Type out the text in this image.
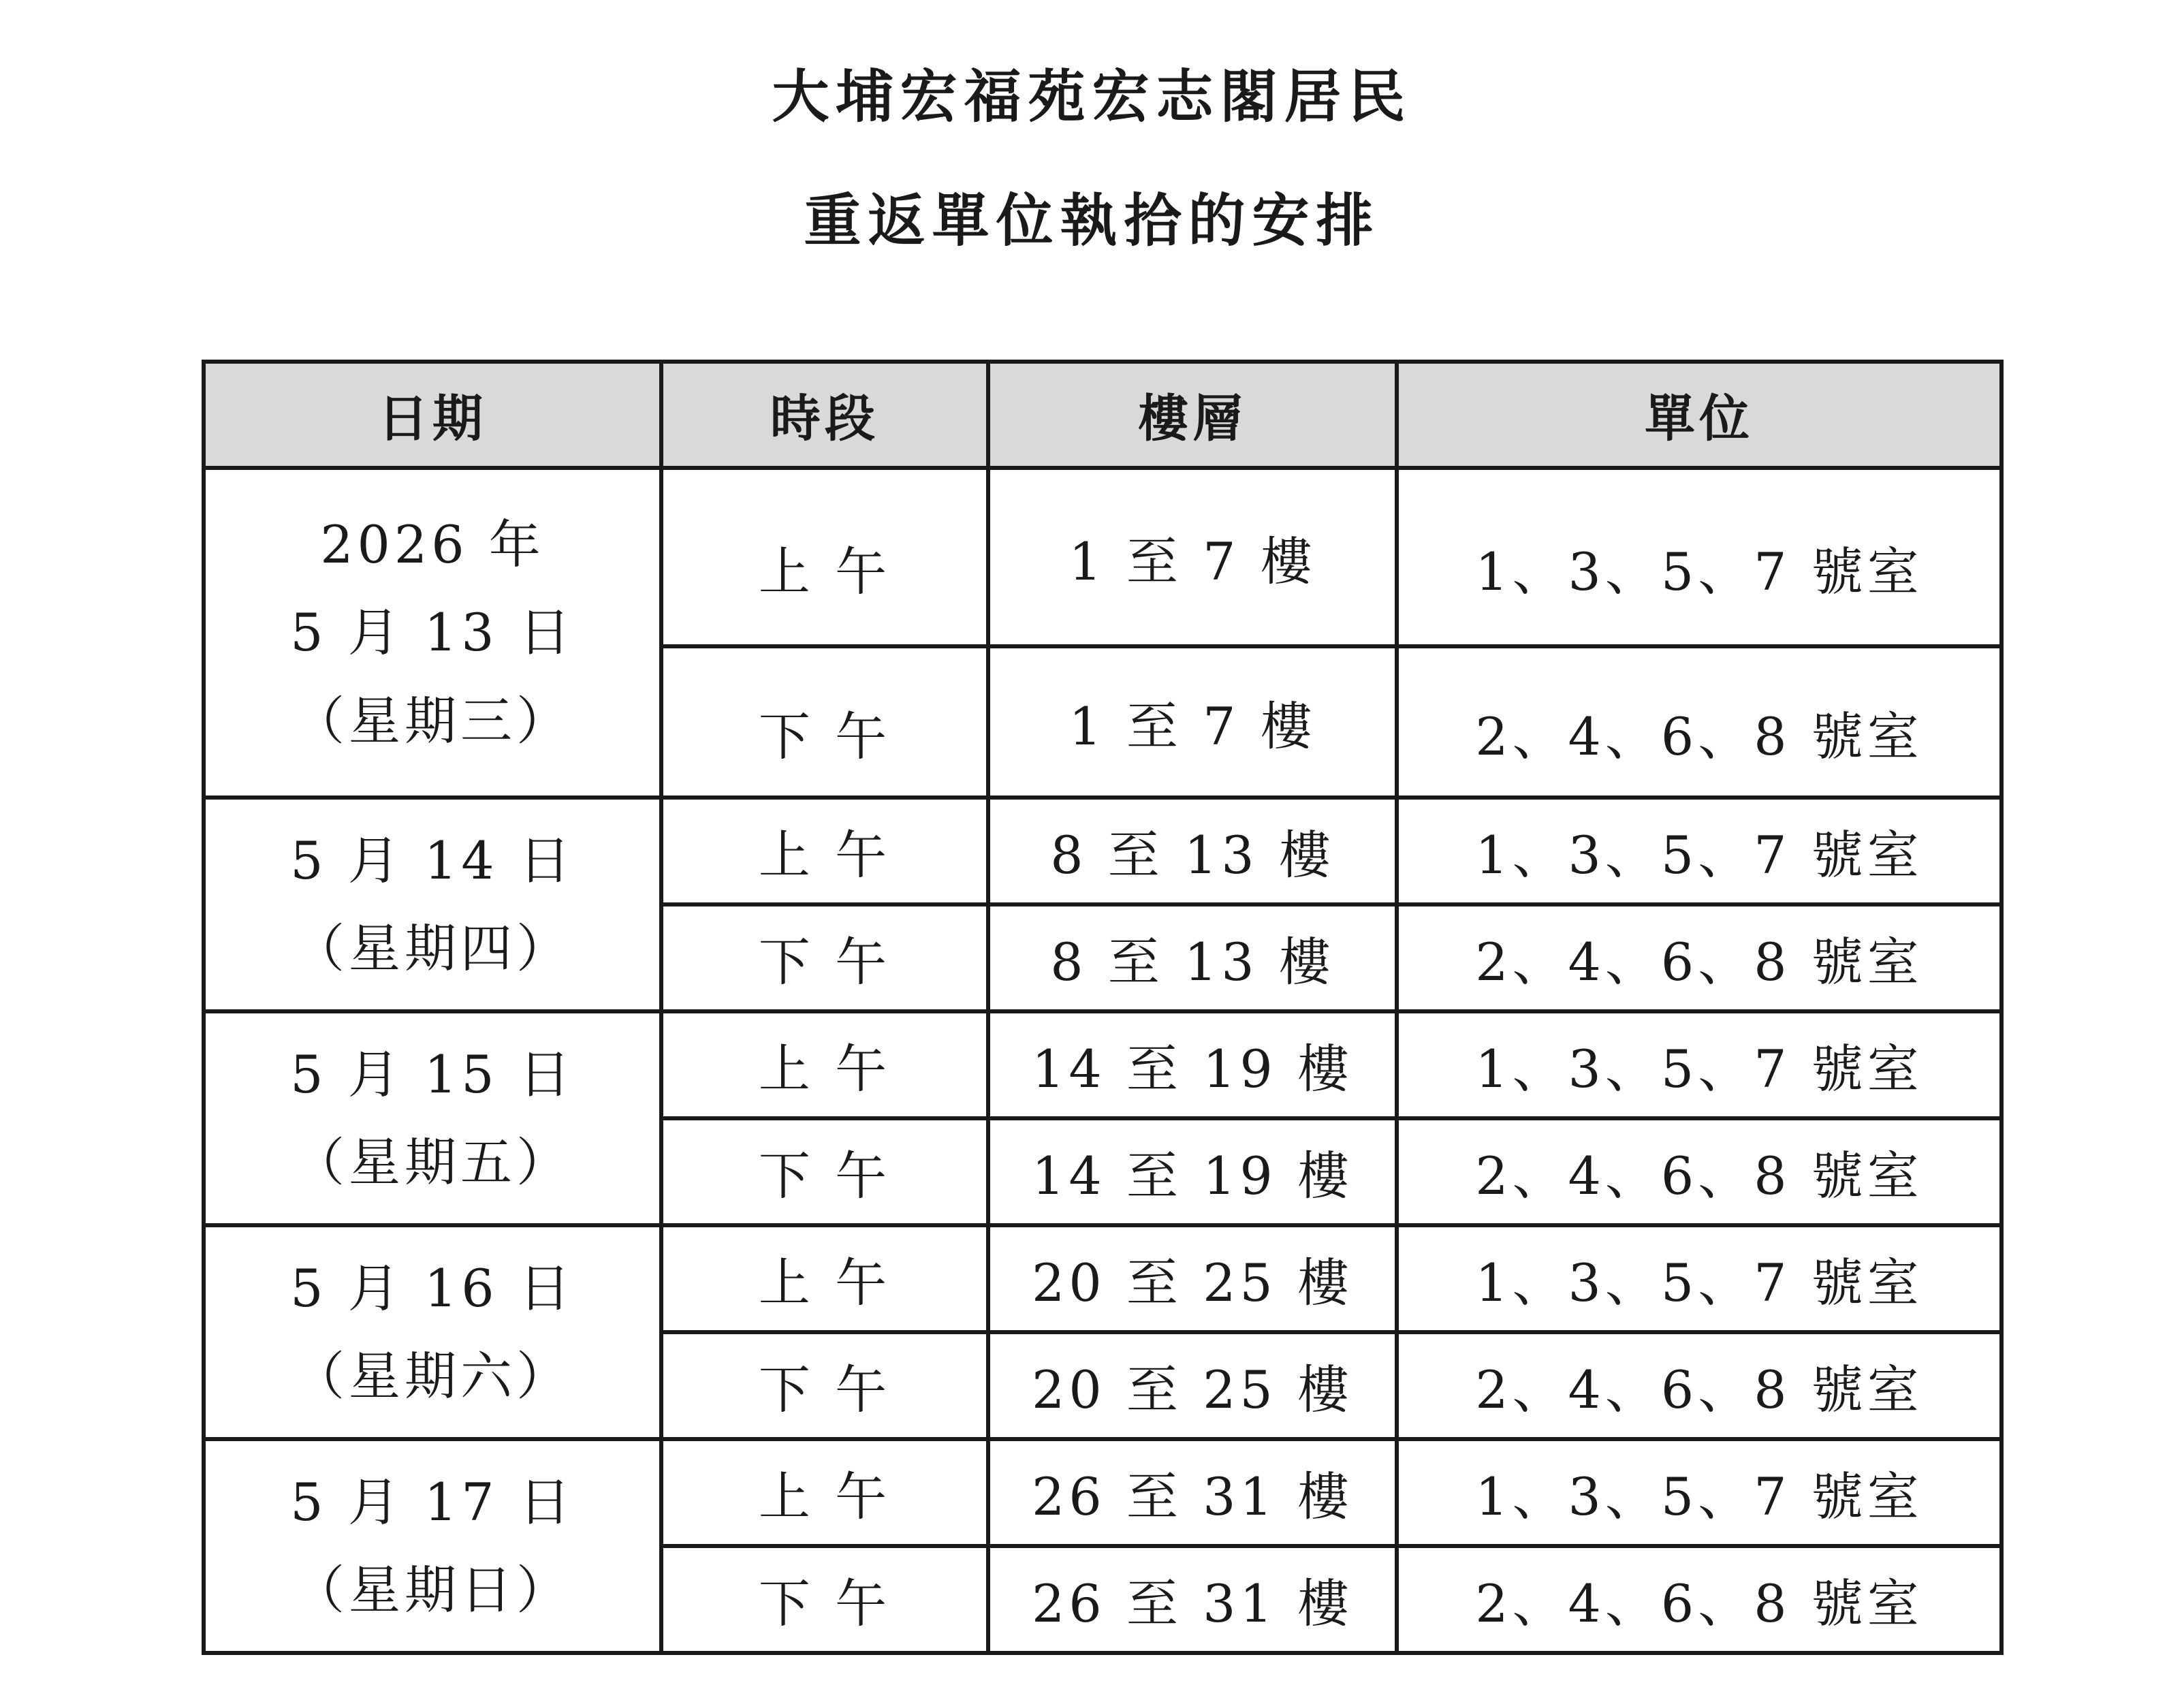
大埔宏福苑宏志閣居民
重返單位執拾的安排
日期	時段	樓層	單位

2026 年
5 月 13 日
（星期三）	上 午	1 至 7 樓	1、3、5、7 號室
	下 午	1 至 7 樓	2、4、6、8 號室

5 月 14 日
（星期四）	上 午	8 至 13 樓	1、3、5、7 號室
	下 午	8 至 13 樓	2、4、6、8 號室

5 月 15 日
（星期五）	上 午	14 至 19 樓	1、3、5、7 號室
	下 午	14 至 19 樓	2、4、6、8 號室

5 月 16 日
（星期六）	上 午	20 至 25 樓	1、3、5、7 號室
	下 午	20 至 25 樓	2、4、6、8 號室

5 月 17 日
（星期日）	上 午	26 至 31 樓	1、3、5、7 號室
	下 午	26 至 31 樓	2、4、6、8 號室
